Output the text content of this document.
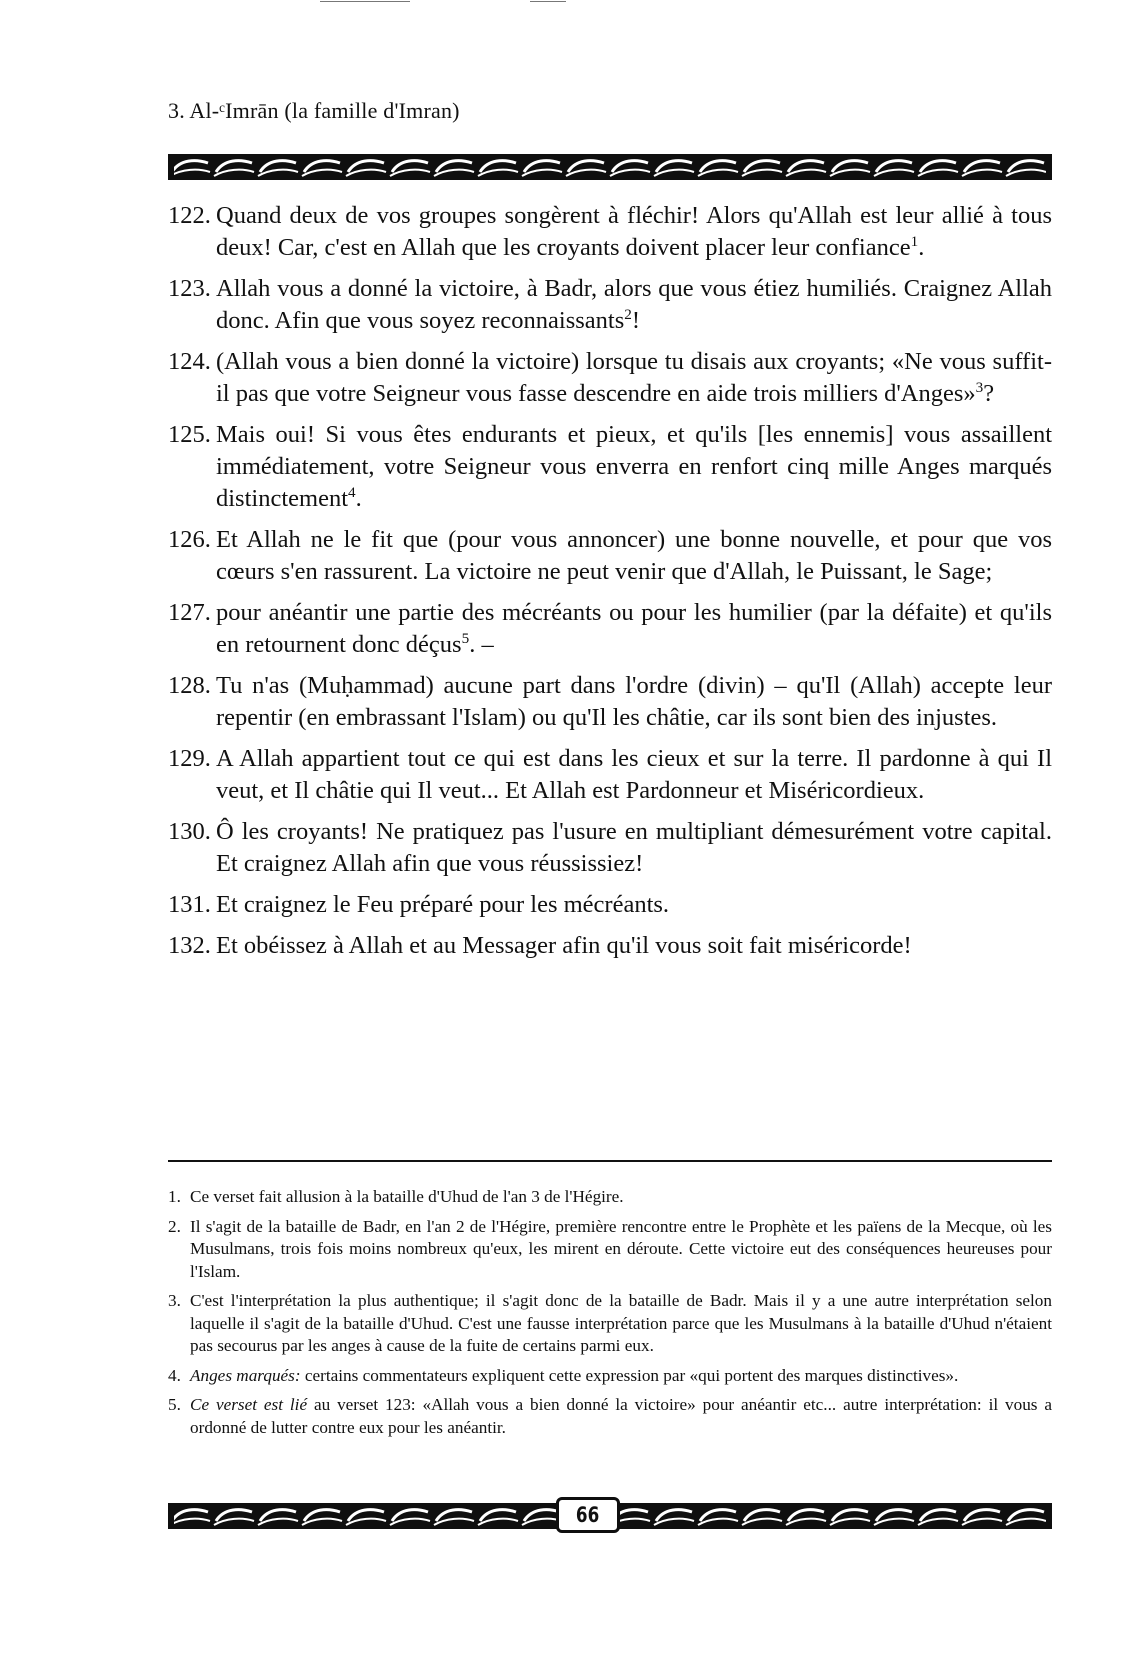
3. Al-ᶜImrān (la famille d'Imran)
122. Quand deux de vos groupes songèrent à fléchir! Alors qu'Allah est leur allié à tous deux! Car, c'est en Allah que les croyants doivent placer leur confiance$^1$.
123. Allah vous a donné la victoire, à Badr, alors que vous étiez humiliés. Craignez Allah donc. Afin que vous soyez reconnaissants$^2$!
124. (Allah vous a bien donné la victoire) lorsque tu disais aux croyants; «Ne vous suffit-il pas que votre Seigneur vous fasse descendre en aide trois milliers d'Anges»$^3$?
125. Mais oui! Si vous êtes endurants et pieux, et qu'ils [les ennemis] vous assaillent immédiatement, votre Seigneur vous enverra en renfort cinq mille Anges marqués distinctement$^4$.
126. Et Allah ne le fit que (pour vous annoncer) une bonne nouvelle, et pour que vos cœurs s'en rassurent. La victoire ne peut venir que d'Allah, le Puissant, le Sage;
127. pour anéantir une partie des mécréants ou pour les humilier (par la défaite) et qu'ils en retournent donc déçus$^5$. –
128. Tu n'as (Muḥammad) aucune part dans l'ordre (divin) – qu'Il (Allah) accepte leur repentir (en embrassant l'Islam) ou qu'Il les châtie, car ils sont bien des injustes.
129. A Allah appartient tout ce qui est dans les cieux et sur la terre. Il pardonne à qui Il veut, et Il châtie qui Il veut... Et Allah est Pardonneur et Miséricordieux.
130. Ô les croyants! Ne pratiquez pas l'usure en multipliant démesurément votre capital. Et craignez Allah afin que vous réussissiez!
131. Et craignez le Feu préparé pour les mécréants.
132. Et obéissez à Allah et au Messager afin qu'il vous soit fait miséricorde!
1. Ce verset fait allusion à la bataille d'Uhud de l'an 3 de l'Hégire.
2. Il s'agit de la bataille de Badr, en l'an 2 de l'Hégire, première rencontre entre le Prophète et les païens de la Mecque, où les Musulmans, trois fois moins nombreux qu'eux, les mirent en déroute. Cette victoire eut des conséquences heureuses pour l'Islam.
3. C'est l'interprétation la plus authentique; il s'agit donc de la bataille de Badr. Mais il y a une autre interprétation selon laquelle il s'agit de la bataille d'Uhud. C'est une fausse interprétation parce que les Musulmans à la bataille d'Uhud n'étaient pas secourus par les anges à cause de la fuite de certains parmi eux.
4. Anges marqués: certains commentateurs expliquent cette expression par «qui portent des marques distinctives».
5. Ce verset est lié au verset 123: «Allah vous a bien donné la victoire» pour anéantir etc... autre interprétation: il vous a ordonné de lutter contre eux pour les anéantir.
66
